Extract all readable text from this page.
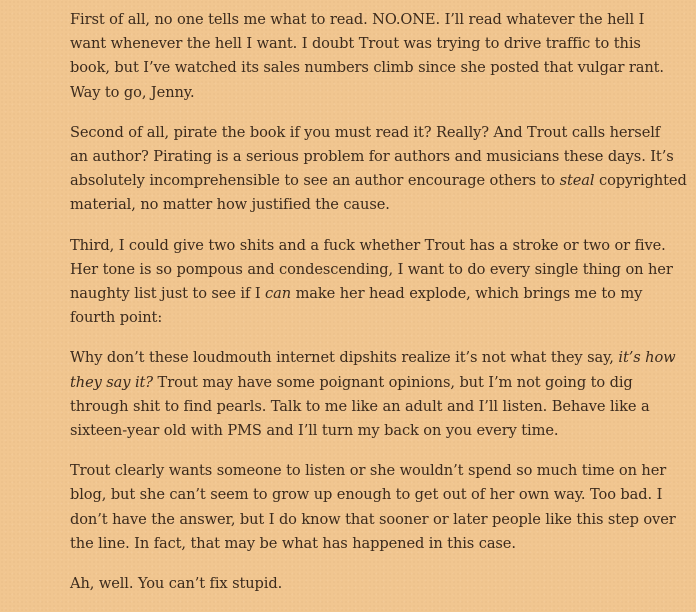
First of all, no one tells me what to read. NO.ONE. I’ll read whatever the hell I
want whenever the hell I want. I doubt Trout was trying to drive traffic to this
book, but I’ve watched its sales numbers climb since she posted that vulgar rant.
Way to go, Jenny.

Second of all, pirate the book if you must read it? Really? And Trout calls herself
an author? Pirating is a serious problem for authors and musicians these days. It’s
absolutely incomprehensible to see an author encourage others to steal copyrighted
material, no matter how justified the cause.

Third, I could give two shits and a fuck whether Trout has a stroke or two or five.
Her tone is so pompous and condescending, I want to do every single thing on her
naughty list just to see if I can make her head explode, which brings me to my
fourth point:

Why don’t these loudmouth internet dipshits realize it’s not what they say, it’s how
they say it? Trout may have some poignant opinions, but I’m not going to dig
through shit to find pearls. Talk to me like an adult and I’ll listen. Behave like a
sixteen-year old with PMS and I’ll turn my back on you every time.

Trout clearly wants someone to listen or she wouldn’t spend so much time on her
blog, but she can’t seem to grow up enough to get out of her own way. Too bad. I
don’t have the answer, but I do know that sooner or later people like this step over
the line. In fact, that may be what has happened in this case.

Ah, well. You can’t fix stupid.
